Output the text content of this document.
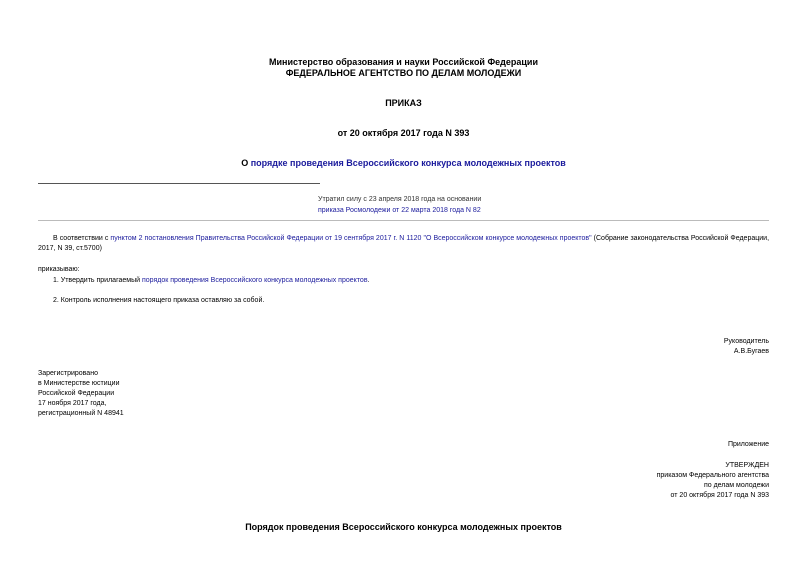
Министерство образования и науки Российской Федерации
ФЕДЕРАЛЬНОЕ АГЕНТСТВО ПО ДЕЛАМ МОЛОДЕЖИ
ПРИКАЗ
от 20 октября 2017 года N 393
О порядке проведения Всероссийского конкурса молодежных проектов
Утратил силу с 23 апреля 2018 года на основании
приказа Росмолодежи от 22 марта 2018 года N 82
В соответствии с пунктом 2 постановления Правительства Российской Федерации от 19 сентября 2017 г. N 1120 "О Всероссийском конкурсе молодежных проектов" (Собрание законодательства Российской Федерации, 2017, N 39, ст.5700)
приказываю:
1. Утвердить прилагаемый порядок проведения Всероссийского конкурса молодежных проектов.
2. Контроль исполнения настоящего приказа оставляю за собой.
Руководитель
А.В.Бугаев
Зарегистрировано
в Министерстве юстиции
Российской Федерации
17 ноября 2017 года,
регистрационный N 48941
Приложение
УТВЕРЖДЕН
приказом Федерального агентства
по делам молодежи
от 20 октября 2017 года N 393
Порядок проведения Всероссийского конкурса молодежных проектов
